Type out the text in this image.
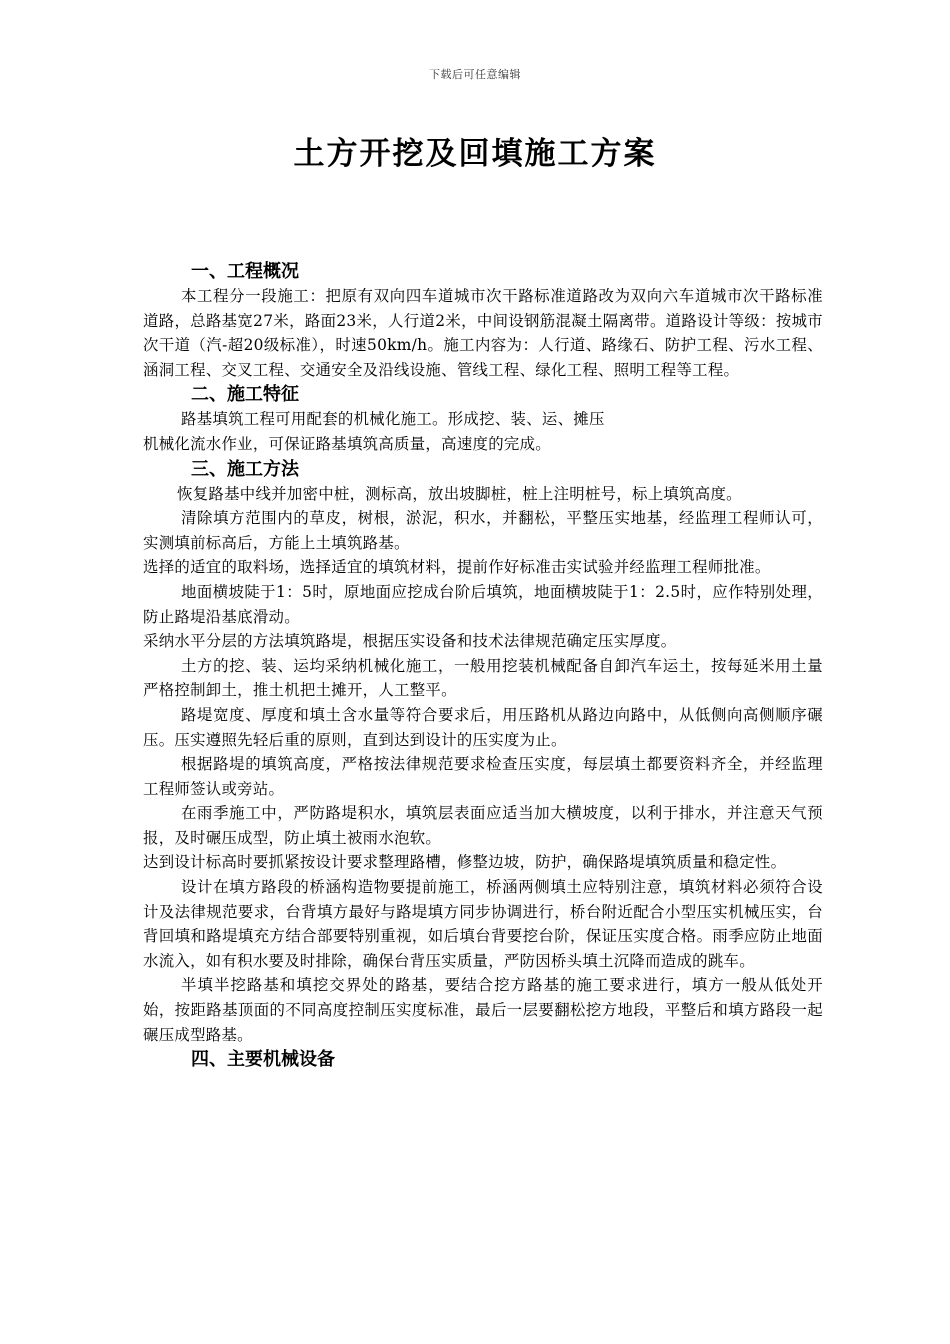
下载后可任意编辑
土方开挖及回填施工方案
一、工程概况

本工程分一段施工：把原有双向四车道城市次干路标准道路改为双向六车道城市次干路标准道路，总路基宽27米，路面23米，人行道2米，中间设钢筋混凝土隔离带。道路设计等级：按城市次干道（汽-超20级标准），时速50km/h。施工内容为：人行道、路缘石、防护工程、污水工程、涵洞工程、交叉工程、交通安全及沿线设施、管线工程、绿化工程、照明工程等工程。

二、施工特征

路基填筑工程可用配套的机械化施工。形成挖、装、运、摊压

机械化流水作业，可保证路基填筑高质量，高速度的完成。

三、施工方法

恢复路基中线并加密中桩，测标高，放出坡脚桩，桩上注明桩号，标上填筑高度。

清除填方范围内的草皮，树根，淤泥，积水，并翻松，平整压实地基，经监理工程师认可，实测填前标高后，方能上土填筑路基。

选择的适宜的取料场，选择适宜的填筑材料，提前作好标准击实试验并经监理工程师批准。

地面横坡陡于1：5时，原地面应挖成台阶后填筑，地面横坡陡于1：2.5时，应作特别处理，防止路堤沿基底滑动。

采纳水平分层的方法填筑路堤，根据压实设备和技术法律规范确定压实厚度。

土方的挖、装、运均采纳机械化施工，一般用挖装机械配备自卸汽车运土，按每延米用土量严格控制卸土，推土机把土摊开，人工整平。

路堤宽度、厚度和填土含水量等符合要求后，用压路机从路边向路中，从低侧向高侧顺序碾压。压实遵照先轻后重的原则，直到达到设计的压实度为止。

根据路堤的填筑高度，严格按法律规范要求检查压实度，每层填土都要资料齐全，并经监理工程师签认或旁站。

在雨季施工中，严防路堤积水，填筑层表面应适当加大横坡度，以利于排水，并注意天气预报，及时碾压成型，防止填土被雨水泡软。

达到设计标高时要抓紧按设计要求整理路槽，修整边坡，防护，确保路堤填筑质量和稳定性。

设计在填方路段的桥涵构造物要提前施工，桥涵两侧填土应特别注意，填筑材料必须符合设计及法律规范要求，台背填方最好与路堤填方同步协调进行，桥台附近配合小型压实机械压实，台背回填和路堤填充方结合部要特别重视，如后填台背要挖台阶，保证压实度合格。雨季应防止地面水流入，如有积水要及时排除，确保台背压实质量，严防因桥头填土沉降而造成的跳车。

半填半挖路基和填挖交界处的路基，要结合挖方路基的施工要求进行，填方一般从低处开始，按距路基顶面的不同高度控制压实度标准，最后一层要翻松挖方地段，平整后和填方路段一起碾压成型路基。

四、主要机械设备
